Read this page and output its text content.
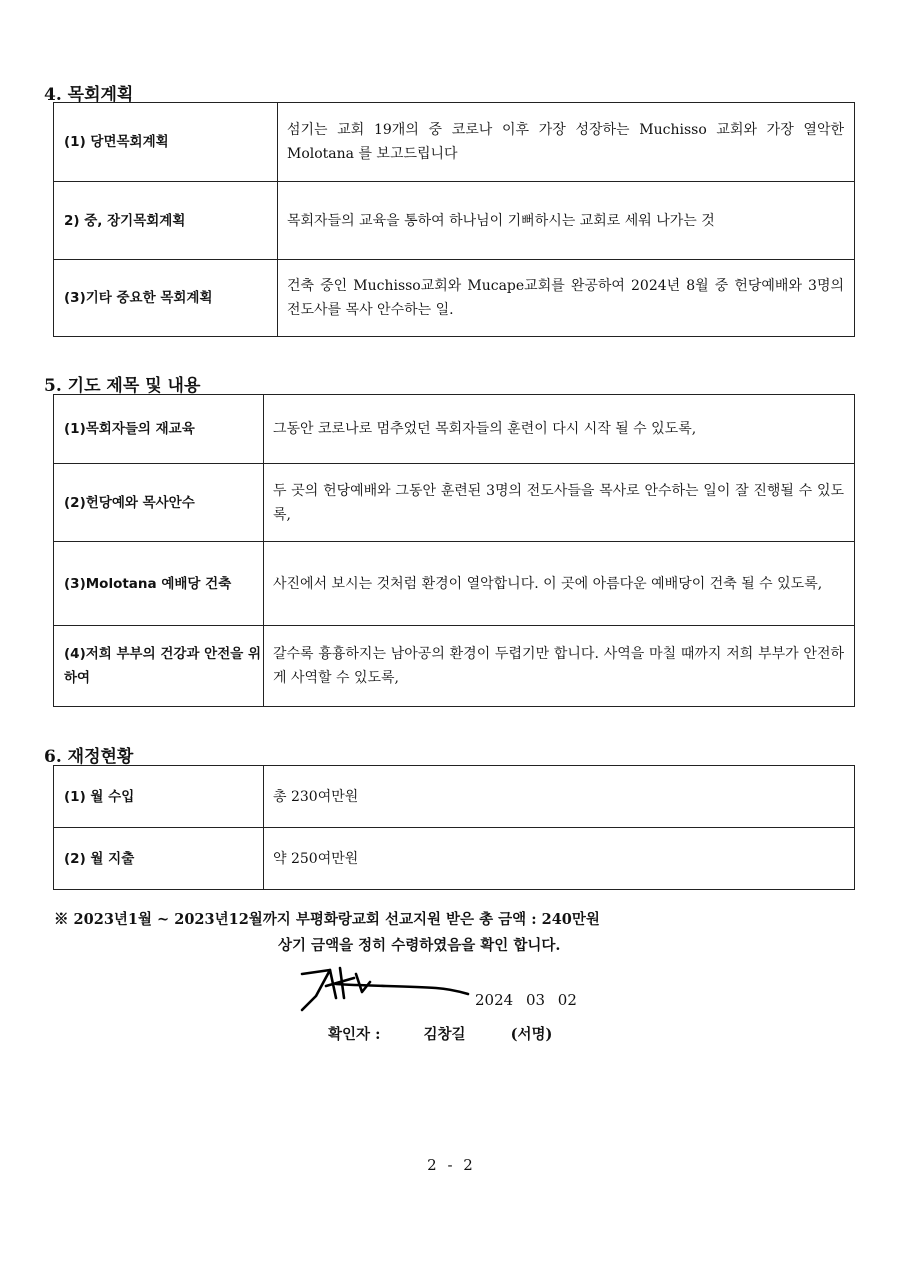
4. 목회계획
(1) 당면목회계획	섬기는 교회 19개의 중 코로나 이후 가장 성장하는 Muchisso 교회와 가장 열악한 Molotana 를 보고드립니다
2) 중, 장기목회계획	목회자들의 교육을 통하여 하나님이 기뻐하시는 교회로 세워 나가는 것
(3)기타 중요한 목회계획	건축 중인 Muchisso교회와 Mucape교회를 완공하여 2024년 8월 중 헌당예배와 3명의 전도사를 목사 안수하는 일.
5. 기도 제목 및 내용
(1)목회자들의 재교육	그동안 코로나로 멈추었던 목회자들의 훈련이 다시 시작 될 수 있도록,
(2)헌당예와 목사안수	두 곳의 헌당예배와 그동안 훈련된 3명의 전도사들을 목사로 안수하는 일이 잘 진행될 수 있도록,
(3)Molotana 예배당 건축	사진에서 보시는 것처럼 환경이 열악합니다. 이 곳에 아름다운 예배당이 건축 될 수 있도록,
(4)저희 부부의 건강과 안전을 위하여	갈수록 흉흉하지는 남아공의 환경이 두렵기만 합니다. 사역을 마칠 때까지 저희 부부가 안전하게 사역할 수 있도록,
6. 재정현황
(1) 월 수입	총 230여만원
(2) 월 지출	약 250여만원
※ 2023년1월 ~ 2023년12월까지 부평화랑교회 선교지원 받은 총 금액 : 240만원
상기 금액을 정히 수령하였음을 확인 합니다.
2024 03 02
확인자 :	김창길	(서명)
2 - 2
